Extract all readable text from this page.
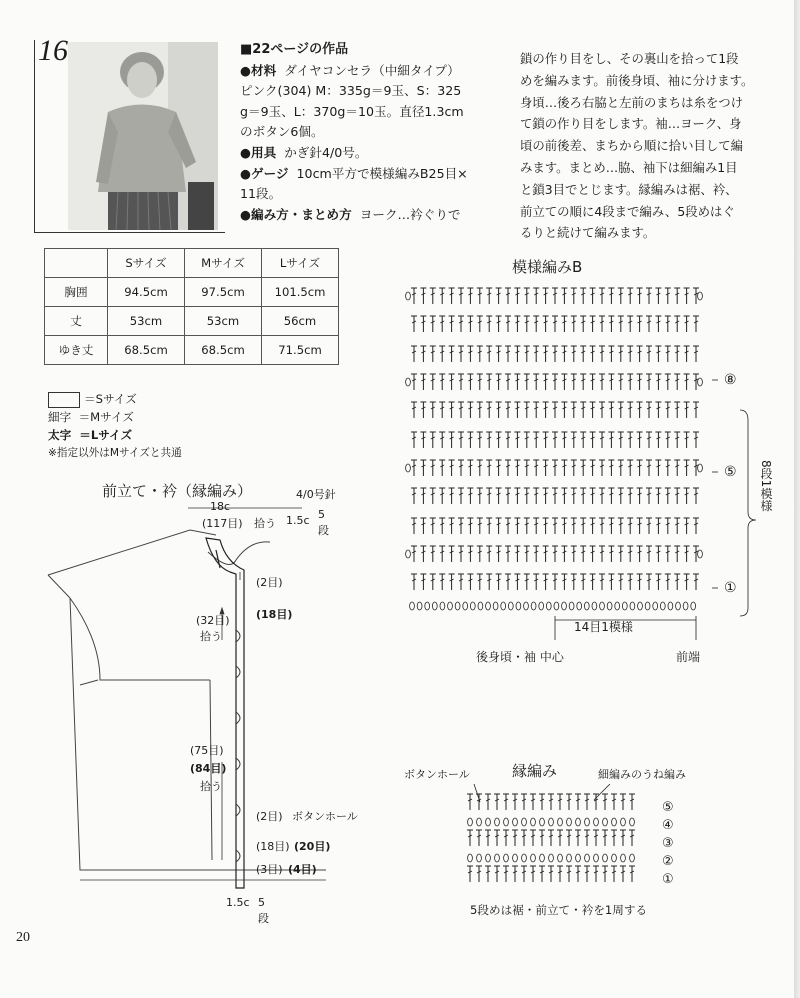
16	■22ページの作品

●材料 ダイヤコンセラ（中細タイプ）

ピンク(304) M：335g＝9玉、S：325

g＝9玉、L：370g＝10玉。直径1.3cm

のボタン6個。

●用具 かぎ針4/0号。

●ゲージ 10cm平方で模様編みB25目×

11段。

●編み方・まとめ方 ヨーク…衿ぐりで

鎖の作り目をし、その裏山を拾って1段

めを編みます。前後身頃、袖に分けます。

身頃…後ろ右脇と左前のまちは糸をつけ

て鎖の作り目をします。袖…ヨーク、身

頃の前後差、まちから順に拾い目して編

みます。まとめ…脇、袖下は細編み1目

と鎖3目でとじます。縁編みは裾、衿、

前立ての順に4段まで編み、5段めはぐ

るりと続けて編みます。

	Sサイズ	Mサイズ	Lサイズ
胸囲	94.5cm	97.5cm	101.5cm
丈	53cm	53cm	56cm
ゆき丈	68.5cm	68.5cm	71.5cm
＝Sサイズ
細字 ＝Mサイズ
太字 ＝Lサイズ
※指定以外はMサイズと共通
前立て・衿（縁編み）	4/0号針
18c
(117目) 拾う 1.5c 5
段
(2目)
(32目) (18目)
拾う
(75目)
(84目)
拾う
(2目) ボタンホール
(18目) (20目)
(3目) (4目)
1.5c 5
段
模様編みB
⑧
⑤
①
8段1模様
14目1模様
後身頃・袖 中心	前端
縁編み
ボタンホール	細編みのうね編み
⑤
④
③
②
①
5段めは裾・前立て・衿を1周する
20
